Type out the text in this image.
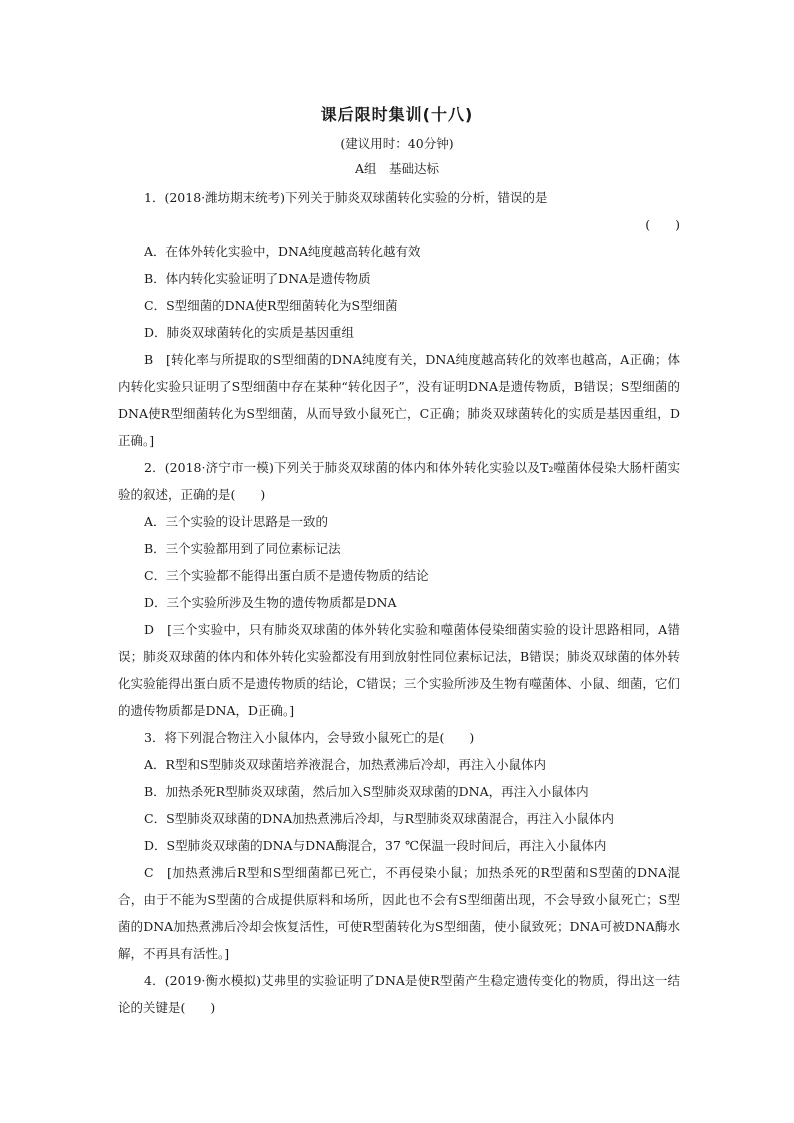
课后限时集训(十八)
(建议用时：40分钟)
A组　基础达标

1．(2018·潍坊期末统考)下列关于肺炎双球菌转化实验的分析，错误的是

(　　)

A．在体外转化实验中，DNA纯度越高转化越有效

B．体内转化实验证明了DNA是遗传物质

C．S型细菌的DNA使R型细菌转化为S型细菌

D．肺炎双球菌转化的实质是基因重组

B　[转化率与所提取的S型细菌的DNA纯度有关，DNA纯度越高转化的效率也越高，A正确；体内转化实验只证明了S型细菌中存在某种“转化因子”，没有证明DNA是遗传物质，B错误；S型细菌的DNA使R型细菌转化为S型细菌，从而导致小鼠死亡，C正确；肺炎双球菌转化的实质是基因重组，D正确。]

2．(2018·济宁市一模)下列关于肺炎双球菌的体内和体外转化实验以及T₂噬菌体侵染大肠杆菌实验的叙述，正确的是(　　)

A．三个实验的设计思路是一致的

B．三个实验都用到了同位素标记法

C．三个实验都不能得出蛋白质不是遗传物质的结论

D．三个实验所涉及生物的遗传物质都是DNA

D　[三个实验中，只有肺炎双球菌的体外转化实验和噬菌体侵染细菌实验的设计思路相同，A错误；肺炎双球菌的体内和体外转化实验都没有用到放射性同位素标记法，B错误；肺炎双球菌的体外转化实验能得出蛋白质不是遗传物质的结论，C错误；三个实验所涉及生物有噬菌体、小鼠、细菌，它们的遗传物质都是DNA，D正确。]

3．将下列混合物注入小鼠体内，会导致小鼠死亡的是(　　)

A．R型和S型肺炎双球菌培养液混合，加热煮沸后冷却，再注入小鼠体内

B．加热杀死R型肺炎双球菌，然后加入S型肺炎双球菌的DNA，再注入小鼠体内

C．S型肺炎双球菌的DNA加热煮沸后冷却，与R型肺炎双球菌混合，再注入小鼠体内

D．S型肺炎双球菌的DNA与DNA酶混合，37 ℃保温一段时间后，再注入小鼠体内

C　[加热煮沸后R型和S型细菌都已死亡，不再侵染小鼠；加热杀死的R型菌和S型菌的DNA混合，由于不能为S型菌的合成提供原料和场所，因此也不会有S型细菌出现，不会导致小鼠死亡；S型菌的DNA加热煮沸后冷却会恢复活性，可使R型菌转化为S型细菌，使小鼠致死；DNA可被DNA酶水解，不再具有活性。]

4．(2019·衡水模拟)艾弗里的实验证明了DNA是使R型菌产生稳定遗传变化的物质，得出这一结论的关键是(　　)
